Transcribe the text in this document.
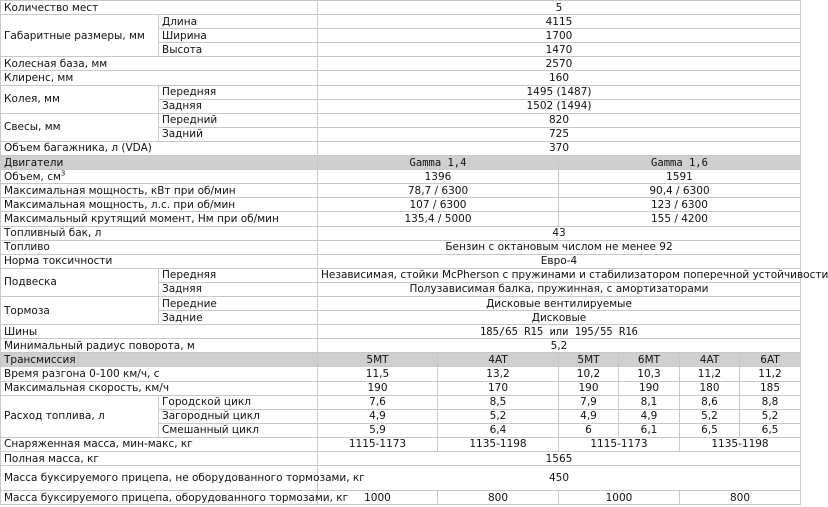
Количество мест		5					
Габаритные размеры, мм	Длина	4115					
	Ширина	1700					
	Высота	1470					
Колесная база, мм		2570					
Клиренс, мм		160					
Колея, мм	Передняя	1495 (1487)					
	Задняя	1502 (1494)					
Свесы, мм	Передний	820					
	Задний	725					
Объем багажника, л (VDA)		370					
Двигатели		Gamma 1,4		Gamma 1,6			
Объем, $см^3$		1396		1591			
Максимальная мощность, кВт при об/мин		78,7 / 6300		90,4 / 6300			
Максимальная мощность, л.с. при об/мин		107 / 6300		123 / 6300			
Максимальный крутящий момент, Нм при об/мин		135,4 / 5000		155 / 4200			
Топливный бак, л		43					
Топливо		Бензин с октановым числом не менее 92					
Норма токсичности		Евро-4					
Подвеска	Передняя	Независимая, стойки McPherson с пружинами и стабилизатором поперечной устойчивости					
	Задняя	Полузависимая балка, пружинная, с амортизаторами					
Тормоза	Передние	Дисковые вентилируемые					
	Задние	Дисковые					
Шины		185/65 R15 или 195/55 R16					
Минимальный радиус поворота, м		5,2					
Трансмиссия		5MT	4AT	5MT	6MT	4AT	6AT
Время разгона 0-100 км/ч, с		11,5	13,2	10,2	10,3	11,2	11,2
Максимальная скорость, км/ч		190	170	190	190	180	185
Расход топлива, л	Городской цикл	7,6	8,5	7,9	8,1	8,6	8,8
	Загородный цикл	4,9	5,2	4,9	4,9	5,2	5,2
	Смешанный цикл	5,9	6,4	6	6,1	6,5	6,5
Снаряженная масса, мин-макс, кг		1115-1173	1135-1198	1115-1173		1135-1198	
Полная масса, кг		1565					
Масса буксируемого прицепа, не оборудованного тормозами, кг		450					
Масса буксируемого прицепа, оборудованного тормозами, кг		1000	800	1000		800	
